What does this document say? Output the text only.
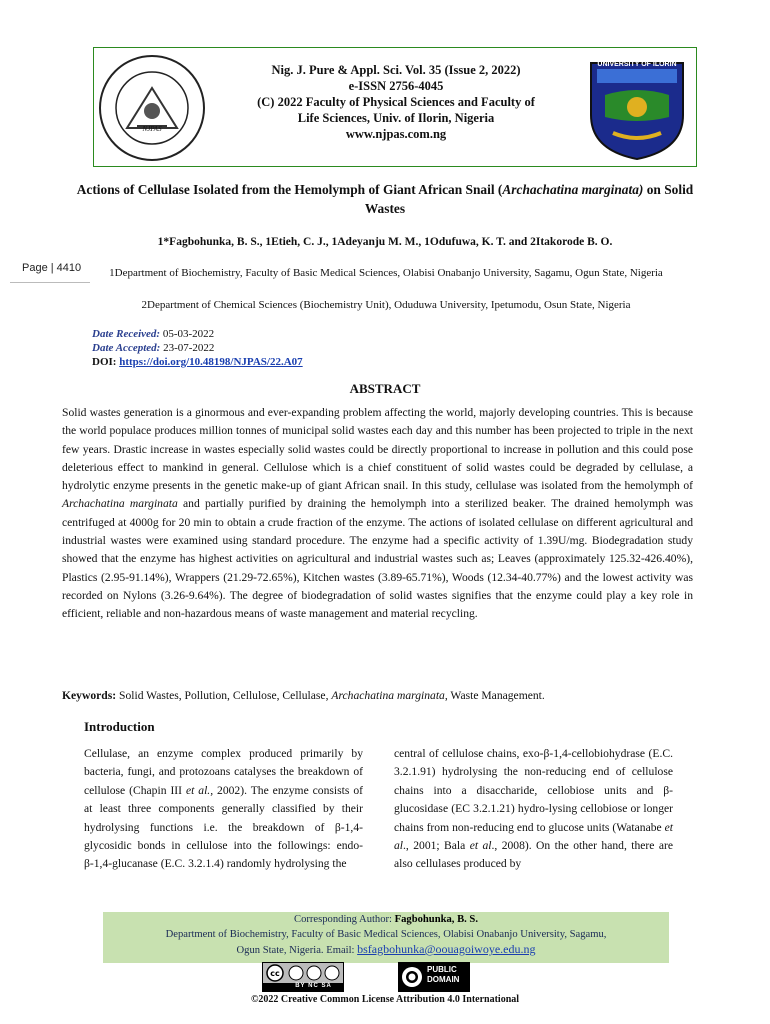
NJPAS
UNIVERSITY OF ILORIN
Nig. J. Pure & Appl. Sci. Vol. 35 (Issue 2, 2022)
e-ISSN 2756-4045
(C) 2022 Faculty of Physical Sciences and Faculty of
Life Sciences, Univ. of Ilorin, Nigeria
www.njpas.com.ng
Actions of Cellulase Isolated from the Hemolymph of Giant African Snail (Archachatina marginata) on Solid Wastes
1*Fagbohunka, B. S., 1Etieh, C. J., 1Adeyanju M. M., 1Odufuwa, K. T. and 2Itakorode B. O.
Page | 4410	1Department of Biochemistry, Faculty of Basic Medical Sciences, Olabisi Onabanjo University, Sagamu, Ogun State, Nigeria
2Department of Chemical Sciences (Biochemistry Unit), Oduduwa University, Ipetumodu, Osun State, Nigeria
Date Received: 05-03-2022
Date Accepted: 23-07-2022
DOI: https://doi.org/10.48198/NJPAS/22.A07
ABSTRACT
Solid wastes generation is a ginormous and ever-expanding problem affecting the world, majorly developing countries. This is because the world populace produces million tonnes of municipal solid wastes each day and this number has been projected to triple in the next few years. Drastic increase in wastes especially solid wastes could be directly proportional to increase in pollution and this could pose deleterious effect to mankind in general. Cellulose which is a chief constituent of solid wastes could be degraded by cellulase, a hydrolytic enzyme presents in the genetic make-up of giant African snail. In this study, cellulase was isolated from the hemolymph of Archachatina marginata and partially purified by draining the hemolymph into a sterilized beaker. The drained hemolymph was centrifuged at 4000g for 20 min to obtain a crude fraction of the enzyme. The actions of isolated cellulase on different agricultural and industrial wastes were examined using standard procedure. The enzyme had a specific activity of 1.39U/mg. Biodegradation study showed that the enzyme has highest activities on agricultural and industrial wastes such as; Leaves (approximately 125.32-426.40%), Plastics (2.95-91.14%), Wrappers (21.29-72.65%), Kitchen wastes (3.89-65.71%), Woods (12.34-40.77%) and the lowest activity was recorded on Nylons (3.26-9.64%). The degree of biodegradation of solid wastes signifies that the enzyme could play a key role in efficient, reliable and non-hazardous means of waste management and material recycling.
Keywords: Solid Wastes, Pollution, Cellulose, Cellulase, Archachatina marginata, Waste Management.
Introduction
Cellulase, an enzyme complex produced primarily by bacteria, fungi, and protozoans catalyses the breakdown of cellulose (Chapin III et al., 2002). The enzyme consists of at least three components generally classified by their hydrolysing functions i.e. the breakdown of β-1,4-glycosidic bonds in cellulose into the followings: endo-β-1,4-glucanase (E.C. 3.2.1.4) randomly hydrolysing the
central of cellulose chains, exo-β-1,4-cellobiohydrase (E.C. 3.2.1.91) hydrolysing the non-reducing end of cellulose chains into a disaccharide, cellobiose units and β-glucosidase (EC 3.2.1.21) hydro-lysing cellobiose or longer chains from non-reducing end to glucose units (Watanabe et al., 2001; Bala et al., 2008). On the other hand, there are also cellulases produced by
Corresponding Author: Fagbohunka, B. S.
Department of Biochemistry, Faculty of Basic Medical Sciences, Olabisi Onabanjo University, Sagamu,
Ogun State, Nigeria. Email: bsfagbohunka@oouagoiwoye.edu.ng
cc
BY NC SA
PUBLIC
DOMAIN
©2022 Creative Common License Attribution 4.0 International
